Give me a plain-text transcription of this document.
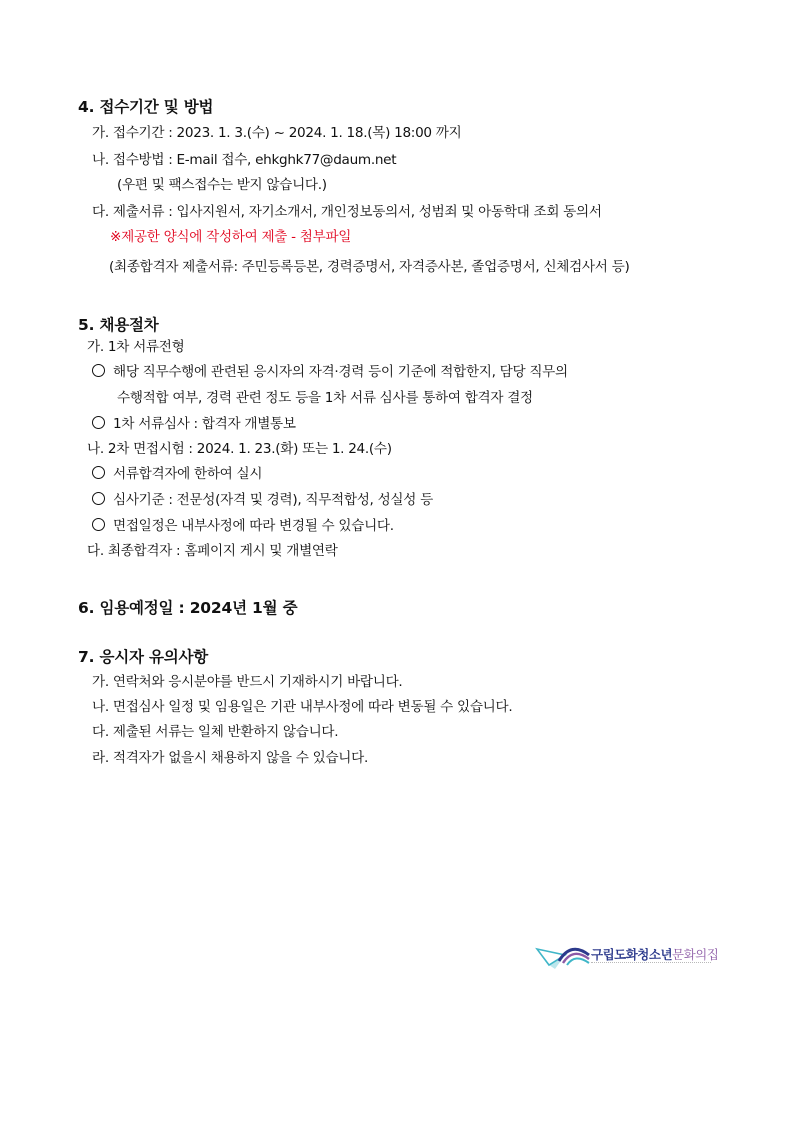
4. 접수기간 및 방법
가. 접수기간 : 2023. 1. 3.(수) ~ 2024. 1. 18.(목) 18:00 까지
나. 접수방법 : E-mail 접수, ehkghk77@daum.net
(우편 및 팩스접수는 받지 않습니다.)
다. 제출서류 : 입사지원서, 자기소개서, 개인정보동의서, 성범죄 및 아동학대 조회 동의서
※제공한 양식에 작성하여 제출 - 첨부파일
(최종합격자 제출서류: 주민등록등본, 경력증명서, 자격증사본, 졸업증명서, 신체검사서 등)
5. 채용절차
가. 1차 서류전형
해당 직무수행에 관련된 응시자의 자격·경력 등이 기준에 적합한지, 담당 직무의
수행적합 여부, 경력 관련 정도 등을 1차 서류 심사를 통하여 합격자 결정
1차 서류심사 : 합격자 개별통보
나. 2차 면접시험 : 2024. 1. 23.(화) 또는 1. 24.(수)
서류합격자에 한하여 실시
심사기준 : 전문성(자격 및 경력), 직무적합성, 성실성 등
면접일정은 내부사정에 따라 변경될 수 있습니다.
다. 최종합격자 : 홈페이지 게시 및 개별연락
6. 임용예정일 : 2024년 1월 중
7. 응시자 유의사항
가. 연락처와 응시분야를 반드시 기재하시기 바랍니다.
나. 면접심사 일정 및 임용일은 기관 내부사정에 따라 변동될 수 있습니다.
다. 제출된 서류는 일체 반환하지 않습니다.
라. 적격자가 없을시 채용하지 않을 수 있습니다.
구립도화청소년문화의집
